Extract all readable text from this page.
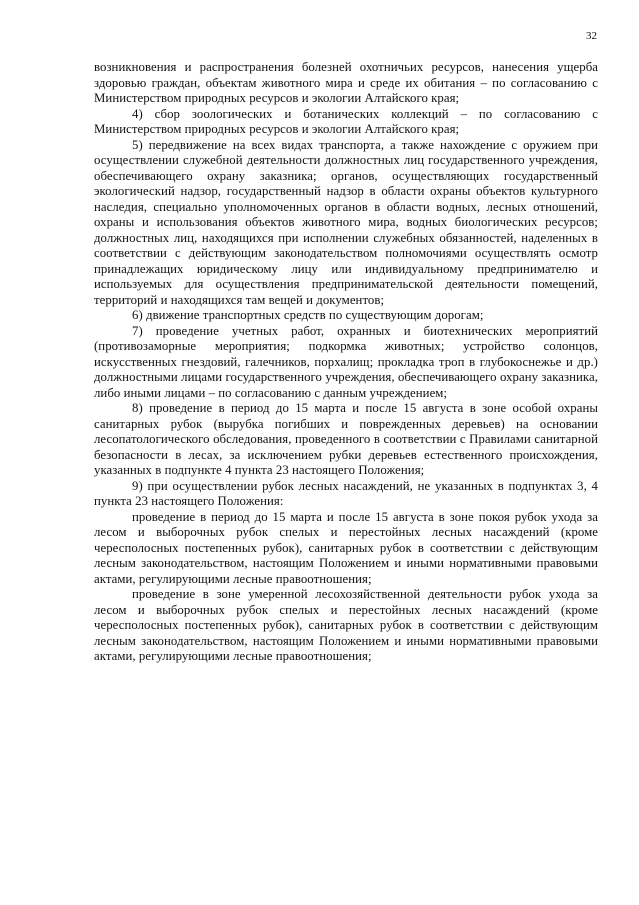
32

возникновения и распространения болезней охотничьих ресурсов, нанесения ущерба здоровью граждан, объектам животного мира и среде их обитания – по согласованию с Министерством природных ресурсов и экологии Алтайского края;

4) сбор зоологических и ботанических коллекций – по согласованию с Министерством природных ресурсов и экологии Алтайского края;

5) передвижение на всех видах транспорта, а также нахождение с оружием при осуществлении служебной деятельности должностных лиц государственного учреждения, обеспечивающего охрану заказника; органов, осуществляющих государственный экологический надзор, государственный надзор в области охраны объектов культурного наследия, специально уполномоченных органов в области водных, лесных отношений, охраны и использования объектов животного мира, водных биологических ресурсов; должностных лиц, находящихся при исполнении служебных обязанностей, наделенных в соответствии с действующим законодательством полномочиями осуществлять осмотр принадлежащих юридическому лицу или индивидуальному предпринимателю и используемых для осуществления предпринимательской деятельности помещений, территорий и находящихся там вещей и документов;

6) движение транспортных средств по существующим дорогам;

7) проведение учетных работ, охранных и биотехнических мероприятий (противозаморные мероприятия; подкормка животных; устройство солонцов, искусственных гнездовий, галечников, порхалищ; прокладка троп в глубокоснежье и др.) должностными лицами государственного учреждения, обеспечивающего охрану заказника, либо иными лицами – по согласованию с данным учреждением;

8) проведение в период до 15 марта и после 15 августа в зоне особой охраны санитарных рубок (вырубка погибших и поврежденных деревьев) на основании лесопатологического обследования, проведенного в соответствии с Правилами санитарной безопасности в лесах, за исключением рубки деревьев естественного происхождения, указанных в подпункте 4 пункта 23 настоящего Положения;

9) при осуществлении рубок лесных насаждений, не указанных в подпунктах 3, 4 пункта 23 настоящего Положения:

проведение в период до 15 марта и после 15 августа в зоне покоя рубок ухода за лесом и выборочных рубок спелых и перестойных лесных насаждений (кроме чересполосных постепенных рубок), санитарных рубок в соответствии с действующим лесным законодательством, настоящим Положением и иными нормативными правовыми актами, регулирующими лесные правоотношения;

проведение в зоне умеренной лесохозяйственной деятельности рубок ухода за лесом и выборочных рубок спелых и перестойных лесных насаждений (кроме чересполосных постепенных рубок), санитарных рубок в соответствии с действующим лесным законодательством, настоящим Положением и иными нормативными правовыми актами, регулирующими лесные правоотношения;
